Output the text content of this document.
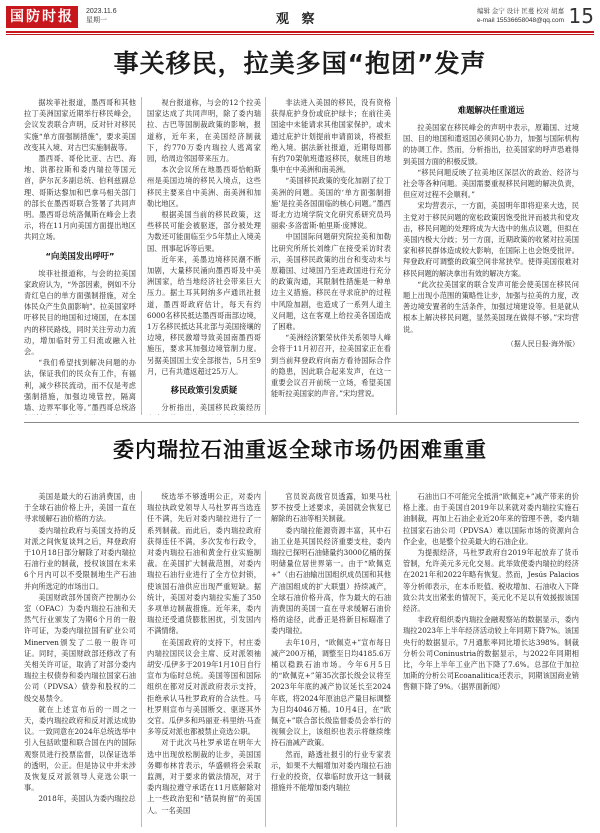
国防时报	2023.11.6
星期一	观 察
编辑 金宁 设计 匡蔓 校对 胡嘉
e-mail 15536658048@qq.com 15
事关移民，拉美多国“抱团”发声

据埃菲社报道，墨西哥和其他拉丁美洲国家近期举行移民峰会，会议发表联合声明，反对针对移民实施“单方面强制措施”，要求美国改变其入境、对古巴实施制裁等。

墨西哥、哥伦比亚、古巴、海地、洪都拉斯和委内瑞拉等国元首，萨尔瓦多副总统、伯利兹副总理、哥斯达黎加和巴拿马相关部门的部长在墨西哥联合签署了共同声明。墨西哥总统洛佩斯在峰会上表示，将在11月向美国方面提出地区共同立场。

“向美国发出呼吁”

埃菲社报道称，与会的拉美国家政府认为，“外部因素，例如不分青红皂白的单方面强制措施，对全体民众产生负面影响”。拉美国家呼吁移民目的地国和过境国，在本国内的移民路线，同时关注劳动力流动，增加临时劳工归流或融入社会。

“我们希望找到解决问题的办法，保证我们的民众有工作，有福利，减少移民流动，而不仅是考虑强制措施，加强边境管控，隔离墙、边界军事化等。”墨西哥总统洛

视台报道称，与会的12个拉美国家达成了共同声明，除了委内瑞拉、古巴等国制裁政策的影响，报道称，近年来，在美国经济制裁下，约770万委内瑞拉人逃离家园，给周边邻国带来压力。

本次会议所在地墨西哥恰帕斯州是美国边境的移民入境点，这些移民主要来自中美洲、南美洲和加勒比地区。

根据美国当前的移民政策，这些移民可能会被驱逐，部分被处理为数还可能面临至少5年禁止入境美国、刑事起诉等后果。

近年来，美墨边境移民潮不断加剧，大量移民涌向墨西哥及中美洲国家，给当地经济社会带来巨大压力。据土耳其阿纳多卢通讯社报道，墨西哥政府估计，每天有约6000名移民抵达墨西哥南部边境，1万名移民抵达其北部与美国接壤的边境，移民激增导致美国南墨西哥施压，要求其加强边境管制力度。另据美国国土安全部报告，5月至9月，已有共遣返超过25万人。

移民政策引发质疑

分析指出，美国移民政策经历

非法进入美国的移民，没有资格获得庇护身份或庇护绿卡；在前往美国途中未能请求其他国家保护，或未通过庇护计划提前申请面谈，将被拒绝入境。据法新社报道，近期每周都有约70架航班遣返移民，航班目的地集中在中美洲和南美洲。

“美国移民政策的变化加剧了拉丁美洲的问题。美国的‘单方面强制措施’是拉美各国面临的核心问题。”墨西哥北方边境学院文化研究系研究员玛丽索·多洛雷斯·帕里斯·庞博说。

中国国际问题研究院拉美和加勒比研究所所长刘维广在接受采访时表示，美国移民政策的出台和变动未与原籍国、过境国乃至进政国进行充分的政策沟通，其限制性措施是一种单边主义措施。移民在寻求庇护的过程中风险加剧，也造成了一系列人道主义问题，这在客观上给拉美各国造成了困难。

“美洲经济繁荣伙伴关系领导人峰会将于11月初召开，拉美国家正在看到当前拜登政府向南方看待国际合作的隐患，因此联合起来发声，在这一重要会议召开前统一立场，希望美国能听拉美国家的声音。”宋均营说。

难题解决任重道远

拉美国家在移民峰会的声明中表示，原籍国、过境国、目的地国和遣返国必须同心协力，加强与国际机构的协调工作。然而，分析指出，拉美国家的呼声恐难得到美国方面的积极反馈。

“移民问题反映了拉美地区深层次的政治、经济与社会等各种问题。美国需要重视移民问题的解决负责，但应对过程不会顺利。”

宋均营表示，一方面，美国明年即将迎来大选，民主党对于移民问题的宽松政策因饱受批评而被共和党攻击，移民问题的处理将成为大选中的焦点议题，但拟在美国内极大分歧；另一方面，近期政策的收紧对拉美国家和移民群体造成较大影响，在国际上也会饱受批评。拜登政府可调整的政策空间非常狭窄。使得美国很难对移民问题的解决拿出有效的解决方案。

“此次拉美国家的联合发声可能会使美国在移民问题上出现小范围的策略性让步，加强与拉美的力度，改善边境安置者的生活条件，加强过境建设等。但是就从根本上解决移民问题，显然美国现在做得不够。”宋均营说。

（据人民日报·海外版）
委内瑞拉石油重返全球市场仍困难重重

美国是最大的石油消费国，由于全球石油价格上升，美国一直在寻求缓解石油价格的方法。

委内瑞拉政府与美国支持的反对派之间恢复谈判之后，拜登政府于10月18日部分解除了对委内瑞拉石油行业的制裁，授权该国在未来6个月内可以不受限制地生产石油并向所选定的市场出口。

美国财政部外国资产控制办公室（OFAC）为委内瑞拉石油和天然气行业颁发了为期6个月的一般许可证，为委内瑞拉国有矿业公司Minerven颁发了二般一般许可证。同时，美国财政部还修改了有关相关许可证，取消了对部分委内瑞拉主权债券和委内瑞拉国家石油公司（PDVSA）债券和股权的二级交易禁令。

就在上述宣布后的一周之一天，委内瑞拉政府和反对派达成协议。一致同意在2024年总统选举中引入包括欧盟和联合国在内的国际观察员进行投票监督，以保证选举的透明，公正。但是协议中并未涉及恢复反对派领导人竞选公职一事。

2018年，美国认为委内瑞拉总

统选举不够透明公正，对委内瑞拉执政党领导人马杜罗再当选连任不满，先后对委内瑞拉进行了一系列制裁。而此后，委内瑞拉政府获得连任不满，多次发布行政令，对委内瑞拉石油和黄金行业实施制裁。在美国扩大制裁范围，对委内瑞拉石油行业进行了全方位封锁，使该国石油供应出现严重短缺。据统计，美国对委内瑞拉实施了350多项单边制裁措施。近年来，委内瑞拉还受通货膨胀困扰，引发国内不满情绪。

在美国政府的支持下，村庄委内瑞拉国民议会主席、反对派领袖胡安·瓜伊多于2019年1月10日自行宣布为临时总统。美国等国和国际组织在都对反对派政府表示支持，拒绝承认马杜罗政府的合法性。马杜罗则宣布与美国断交、驱逐其外交官。瓜伊多和玛丽亚·科里纳·马查多等反对派也都被禁止竞选公职。

对于此次马杜罗承诺在明年大选中出现放松制裁的让步，美国国务卿布林肯表示，华盛顿将会采取监测，对于要求的做法情况，对于委内瑞拉遵守承诺在11月底解除对上一些政治犯和“错误拘留”的美国人。一名美国

官员说高级官员透露，如果马杜罗不按受上述要求，美国就会恢复已解除的石油等相关制裁。

委内瑞拉能源资源丰富，其中石油工业是其国民经济重要支柱，委内瑞拉已探明石油储量约3000亿桶的探明储量位居世界第一。由于“欧佩克+”（由石油输出国组织成员国和其他产油国组成的扩大联盟）持续减产，全球石油价格升高，作为最大的石油消费国的美国一直在寻求缓解石油价格的途径，此番正是将新目标瞄准了委内瑞拉。

去年10月，“欧佩克+”宣布每日减产200万桶，调整至日均4185.6万桶以稳跌石油市场。今年6月5日的“欧佩克+”第35次部长级会议将至2023年年底的减产协议延长至2024年底，将2024年原油总产量目标调整为日均4046万桶。10月4日，在“欧佩克+”联合部长级监督委员会举行的视频会议上，该组织也表示将继续维持石油减产政策。

然而，路透社报引的行业专家表示，如果不大幅增加对委内瑞拉石油行业的投资，仅靠临时放开这一制裁措施并不能增加委内瑞拉

石油出口不可能完全抵消“欧佩克+”减产带来的价格上涨。由于美国自2019年以来就对委内瑞拉实施石油制裁，再加上石油企业近20年来的管理不善，委内瑞拉国家石油公司（PDVSA）难以国际市场的资源向合作企业，也是整个拉美最大的石油企业。

为提振经济，马杜罗政府自2019年起放弃了货币管制，允许美元多元化交易。此举致使委内瑞拉的经济在2021年和2022年略有恢复。然而，Jesús Palacios等分析师表示，在本币贬值、税收增加、石油收入下降致公共支出紧张的情况下，美元化不足以有效援振该国经济。

非政府组织委内瑞拉金融观察站的数据显示，委内瑞拉2023年上半年经济活动较上年同期下降7%。该国央行的数据显示，7月通胀率同比增长达398%。制裁分析公司Coninustria的数据显示，与2022年同期相比，今年上半年工业产出下降了7.6%。总部位于加拉加斯的分析公司Ecoanalitica还表示，同期该国商业销售额下降了9%。（据界面新闻）
